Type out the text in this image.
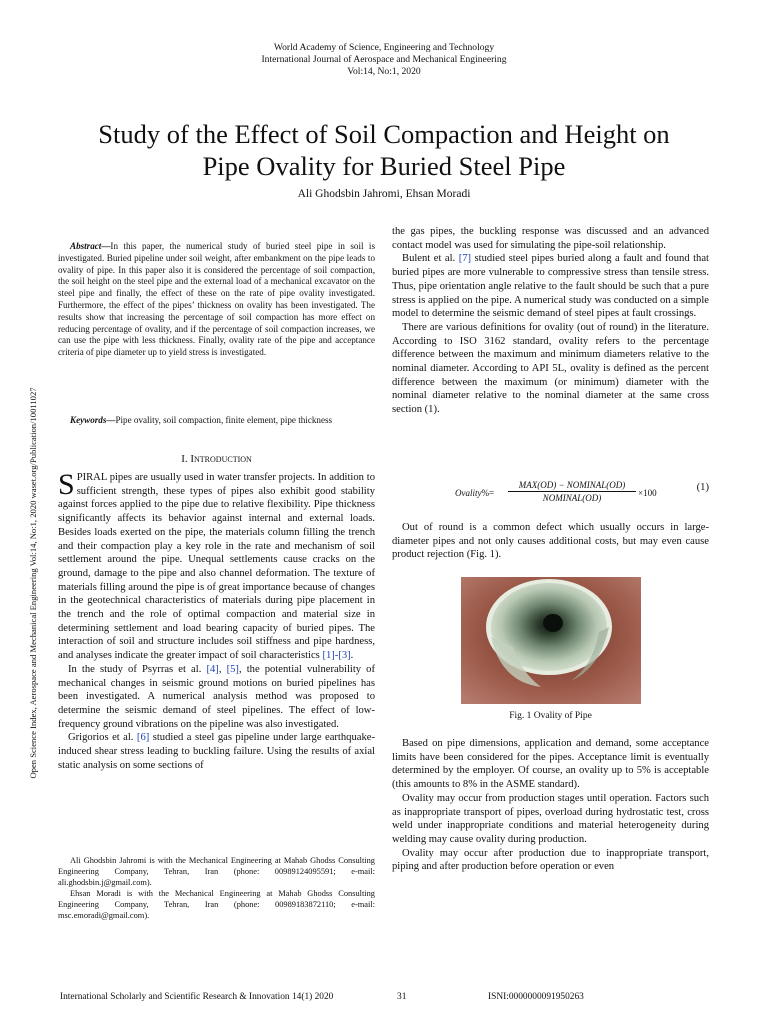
World Academy of Science, Engineering and Technology
International Journal of Aerospace and Mechanical Engineering
Vol:14, No:1, 2020
Study of the Effect of Soil Compaction and Height on
Pipe Ovality for Buried Steel Pipe
Ali Ghodsbin Jahromi, Ehsan Moradi
Open Science Index, Aerospace and Mechanical Engineering Vol:14, No:1, 2020 waset.org/Publication/10011027

Abstract—In this paper, the numerical study of buried steel pipe in soil is investigated. Buried pipeline under soil weight, after embankment on the pipe leads to ovality of pipe. In this paper also it is considered the percentage of soil compaction, the soil height on the steel pipe and the external load of a mechanical excavator on the steel pipe and finally, the effect of these on the rate of pipe ovality investigated. Furthermore, the effect of the pipes’ thickness on ovality has been investigated. The results show that increasing the percentage of soil compaction has more effect on reducing percentage of ovality, and if the percentage of soil compaction increases, we can use the pipe with less thickness. Finally, ovality rate of the pipe and acceptance criteria of pipe diameter up to yield stress is investigated.

Keywords—Pipe ovality, soil compaction, finite element, pipe thickness

I. Introduction

SPIRAL pipes are usually used in water transfer projects. In addition to sufficient strength, these types of pipes also exhibit good stability against forces applied to the pipe due to relative flexibility. Pipe thickness significantly affects its behavior against internal and external loads. Besides loads exerted on the pipe, the materials column filling the trench and their compaction play a key role in the rate and mechanism of soil settlement around the pipe. Unequal settlements cause cracks on the ground, damage to the pipe and also channel deformation. The texture of materials filling around the pipe is of great importance because of changes in the geotechnical characteristics of materials during pipe placement in the trench and the role of optimal compaction and material size in determining settlement and load bearing capacity of buried pipes. The interaction of soil and structure includes soil stiffness and pipe hardness, and analyses indicate the greater impact of soil characteristics [1]-[3].

In the study of Psyrras et al. [4], [5], the potential vulnerability of mechanical changes in seismic ground motions on buried pipelines has been investigated. A numerical analysis method was proposed to determine the seismic demand of steel pipelines. The effect of low-frequency ground vibrations on the pipeline was also investigated.

Grigorios et al. [6] studied a steel gas pipeline under large earthquake-induced shear stress leading to buckling failure. Using the results of axial static analysis on some sections of

Ali Ghodsbin Jahromi is with the Mechanical Engineering at Mahab Ghodss Consulting Engineering Company, Tehran, Iran (phone: 00989124095591; e-mail: ali.ghodsbin.j@gmail.com).

Ehsan Moradi is with the Mechanical Engineering at Mahab Ghodss Consulting Engineering Company, Tehran, Iran (phone: 00989183872110; e-mail: msc.emoradi@gmail.com).

the gas pipes, the buckling response was discussed and an advanced contact model was used for simulating the pipe-soil relationship.

Bulent et al. [7] studied steel pipes buried along a fault and found that buried pipes are more vulnerable to compressive stress than tensile stress. Thus, pipe orientation angle relative to the fault should be such that a pure stress is applied on the pipe. A numerical study was conducted on a simple model to determine the seismic demand of steel pipes at fault crossings.

There are various definitions for ovality (out of round) in the literature. According to ISO 3162 standard, ovality refers to the percentage difference between the maximum and minimum diameters relative to the nominal diameter. According to API 5L, ovality is defined as the percent difference between the maximum (or minimum) diameter with the nominal diameter relative to the nominal diameter at the same cross section (1).

Ovality%=
MAX(OD) − NOMINAL(OD)
NOMINAL(OD)	×100	(1)

Out of round is a common defect which usually occurs in large-diameter pipes and not only causes additional costs, but may even cause product rejection (Fig. 1).

Fig. 1 Ovality of Pipe

Based on pipe dimensions, application and demand, some acceptance limits have been considered for the pipes. Acceptance limit is eventually determined by the employer. Of course, an ovality up to 5% is acceptable (this amounts to 8% in the ASME standard).

Ovality may occur from production stages until operation. Factors such as inappropriate transport of pipes, overload during hydrostatic test, cross weld under inappropriate conditions and material heterogeneity during welding may cause ovality during production.

Ovality may occur after production due to inappropriate transport, piping and after production before operation or even

International Scholarly and Scientific Research & Innovation 14(1) 2020	31	ISNI:0000000091950263
